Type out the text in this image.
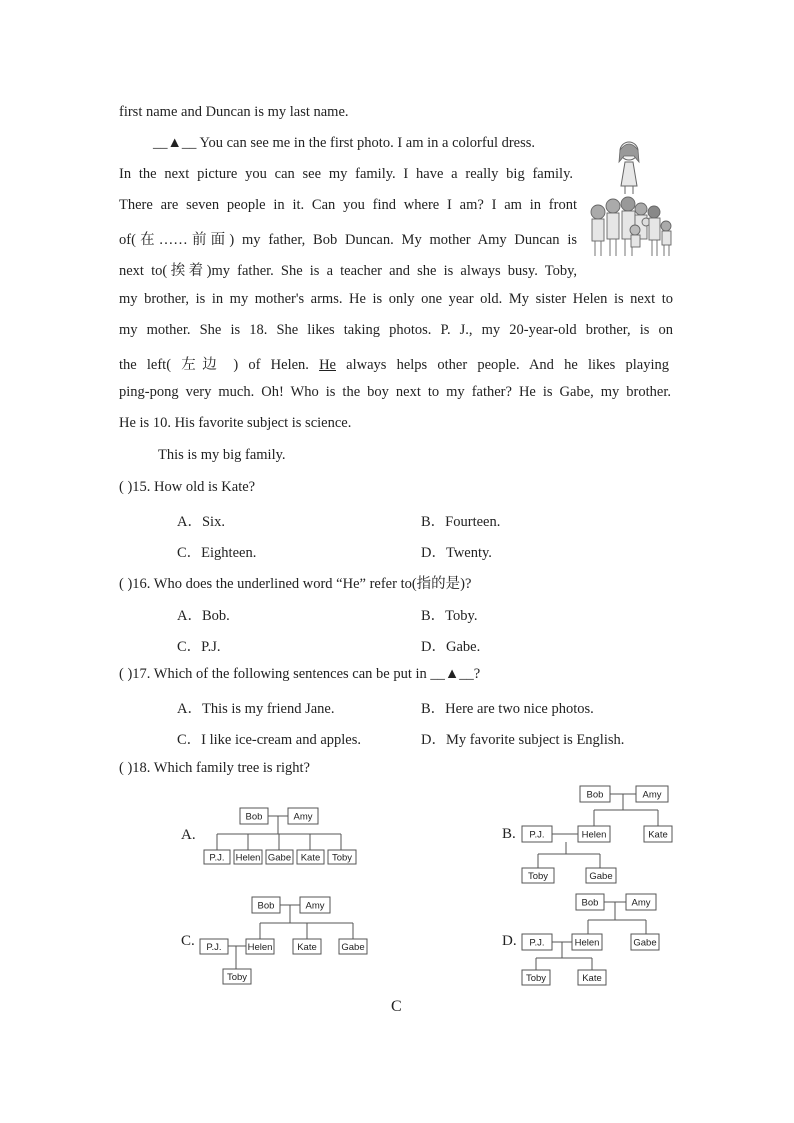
first name and Duncan is my last name.
__▲__ You can see me in the first photo. I am in a colorful dress.
In the next picture you can see my family. I have a really big family.
There are seven people in it. Can you find where I am? I am in front
of(在……前面) my father, Bob Duncan. My mother Amy Duncan is
next to(挨着)my father. She is a teacher and she is always busy. Toby,
my brother, is in my mother's arms. He is only one year old. My sister Helen is next to
my mother. She is 18. She likes taking photos. P. J., my 20-year-old brother, is on
the left( 左边 ) of Helen. He always helps other people. And he likes playing
ping-pong very much. Oh! Who is the boy next to my father? He is Gabe, my brother.
He is 10. His favorite subject is science.
This is my big family.
( )15. How old is Kate?
A．Six.	B．Fourteen.
C．Eighteen.	D．Twenty.
( )16. Who does the underlined word “He” refer to(指的是)?
A．Bob.	B．Toby.
C．P.J.	D．Gabe.
( )17. Which of the following sentences can be put in __▲__?
A．This is my friend Jane.	B．Here are two nice photos.
C．I like ice-cream and apples.	D．My favorite subject is English.
( )18. Which family tree is right?
A.
Bob	Amy
P.J. Helen Gabe Kate Toby
B.
Bob	Amy
P.J.	Helen	Kate
Toby	Gabe
C.
Bob	Amy
P.J.	Helen	Kate	Gabe
Toby
D.
Bob	Amy
P.J.	Helen	Gabe
Toby	Kate
C
